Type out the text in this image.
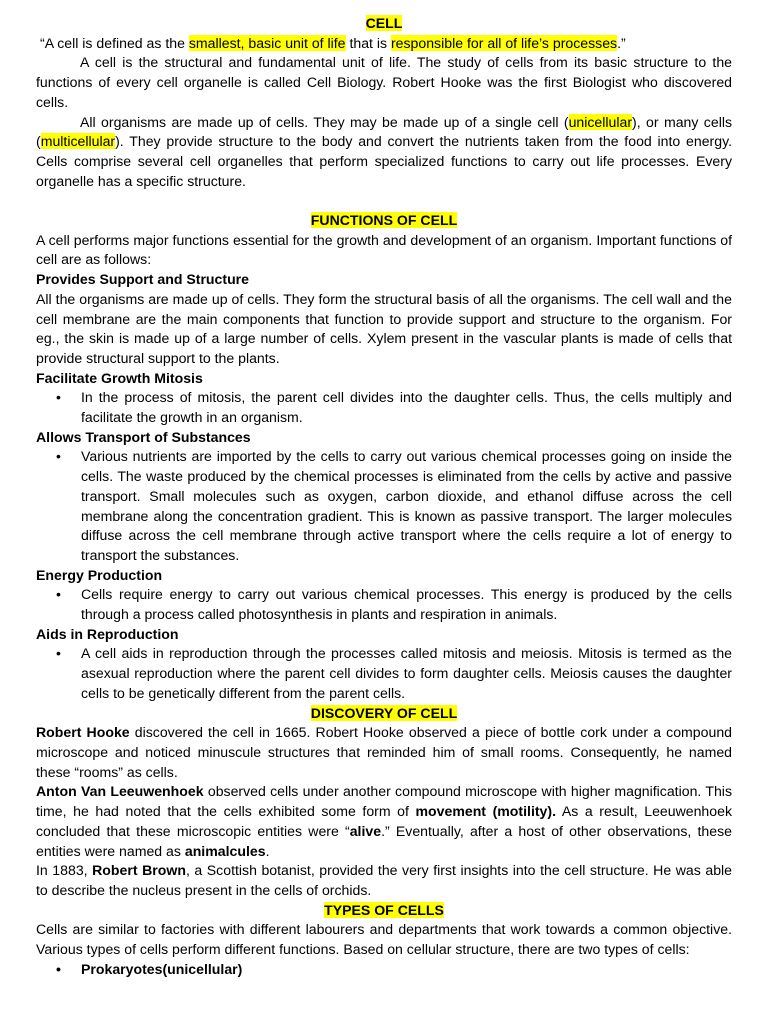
CELL

“A cell is defined as the smallest, basic unit of life that is responsible for all of life’s processes.”

A cell is the structural and fundamental unit of life. The study of cells from its basic structure to the functions of every cell organelle is called Cell Biology. Robert Hooke was the first Biologist who discovered cells.

All organisms are made up of cells. They may be made up of a single cell (unicellular), or many cells (multicellular). They provide structure to the body and convert the nutrients taken from the food into energy. Cells comprise several cell organelles that perform specialized functions to carry out life processes. Every organelle has a specific structure.

FUNCTIONS OF CELL

A cell performs major functions essential for the growth and development of an organism. Important functions of cell are as follows:

Provides Support and Structure

All the organisms are made up of cells. They form the structural basis of all the organisms. The cell wall and the cell membrane are the main components that function to provide support and structure to the organism. For eg., the skin is made up of a large number of cells. Xylem present in the vascular plants is made of cells that provide structural support to the plants.

Facilitate Growth Mitosis

• In the process of mitosis, the parent cell divides into the daughter cells. Thus, the cells multiply and facilitate the growth in an organism.

Allows Transport of Substances

• Various nutrients are imported by the cells to carry out various chemical processes going on inside the cells. The waste produced by the chemical processes is eliminated from the cells by active and passive transport. Small molecules such as oxygen, carbon dioxide, and ethanol diffuse across the cell membrane along the concentration gradient. This is known as passive transport. The larger molecules diffuse across the cell membrane through active transport where the cells require a lot of energy to transport the substances.

Energy Production

• Cells require energy to carry out various chemical processes. This energy is produced by the cells through a process called photosynthesis in plants and respiration in animals.

Aids in Reproduction

• A cell aids in reproduction through the processes called mitosis and meiosis. Mitosis is termed as the asexual reproduction where the parent cell divides to form daughter cells. Meiosis causes the daughter cells to be genetically different from the parent cells.

DISCOVERY OF CELL

Robert Hooke discovered the cell in 1665. Robert Hooke observed a piece of bottle cork under a compound microscope and noticed minuscule structures that reminded him of small rooms. Consequently, he named these “rooms” as cells.

Anton Van Leeuwenhoek observed cells under another compound microscope with higher magnification. This time, he had noted that the cells exhibited some form of movement (motility). As a result, Leeuwenhoek concluded that these microscopic entities were “alive.” Eventually, after a host of other observations, these entities were named as animalcules.

In 1883, Robert Brown, a Scottish botanist, provided the very first insights into the cell structure. He was able to describe the nucleus present in the cells of orchids.

TYPES OF CELLS

Cells are similar to factories with different labourers and departments that work towards a common objective. Various types of cells perform different functions. Based on cellular structure, there are two types of cells:

• Prokaryotes(unicellular)
